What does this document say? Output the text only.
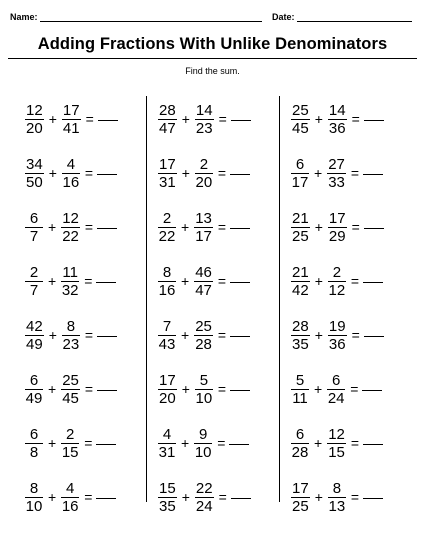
Name:	Date:
Adding Fractions With Unlike Denominators
Find the sum.
$\frac{12}{20} + \frac{17}{41}$ =
$\frac{34}{50} + \frac{4}{16}$ =
$\frac{6}{7} + \frac{12}{22}$ =
$\frac{2}{7} + \frac{11}{32}$ =
$\frac{42}{49} + \frac{8}{23}$ =
$\frac{6}{49} + \frac{25}{45}$ =
$\frac{6}{8} + \frac{2}{15}$ =
$\frac{8}{10} + \frac{4}{16}$ =
$\frac{28}{47} + \frac{14}{23}$ =
$\frac{17}{31} + \frac{2}{20}$ =
$\frac{2}{22} + \frac{13}{17}$ =
$\frac{8}{16} + \frac{46}{47}$ =
$\frac{7}{43} + \frac{25}{28}$ =
$\frac{17}{20} + \frac{5}{10}$ =
$\frac{4}{31} + \frac{9}{10}$ =
$\frac{15}{35} + \frac{22}{24}$ =
$\frac{25}{45} + \frac{14}{36}$ =
$\frac{6}{17} + \frac{27}{33}$ =
$\frac{21}{25} + \frac{17}{29}$ =
$\frac{21}{42} + \frac{2}{12}$ =
$\frac{28}{35} + \frac{19}{36}$ =
$\frac{5}{11} + \frac{6}{24}$ =
$\frac{6}{28} + \frac{12}{15}$ =
$\frac{17}{25} + \frac{8}{13}$ =
